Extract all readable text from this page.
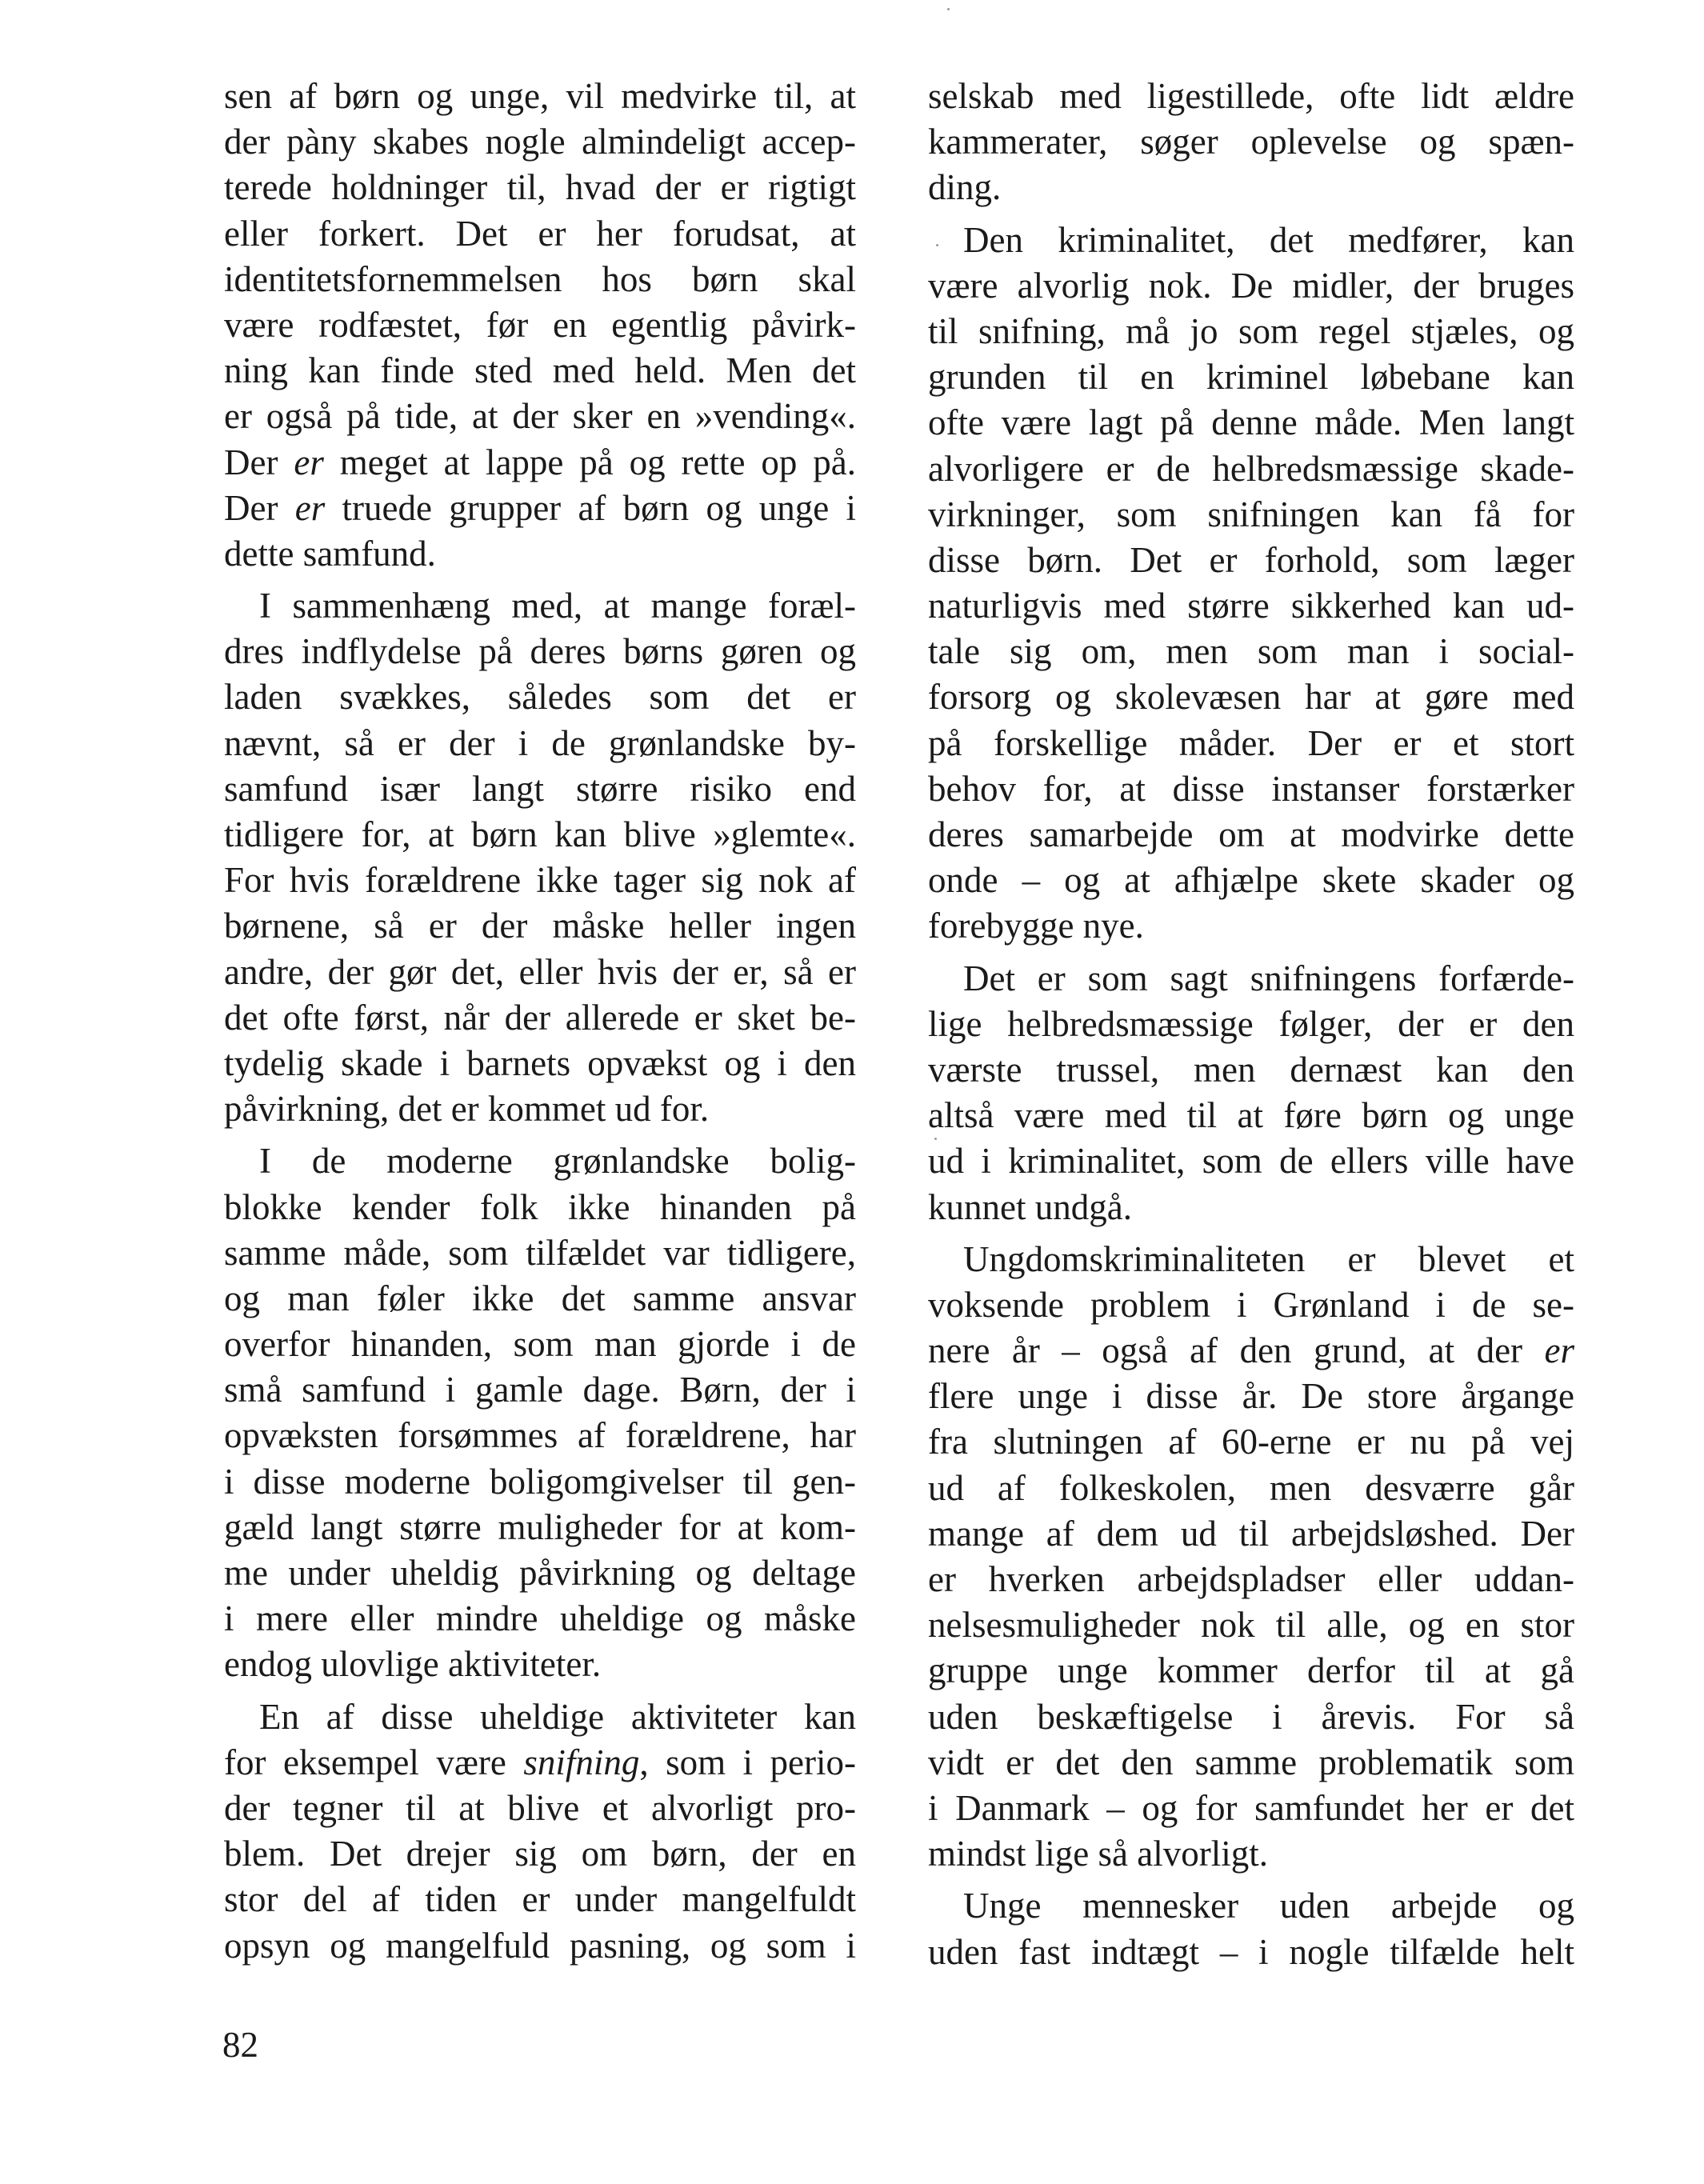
sen af børn og unge, vil medvirke til, at
der pàny skabes nogle almindeligt accep-
terede holdninger til, hvad der er rigtigt
eller forkert. Det er her forudsat, at
identitetsfornemmelsen hos børn skal
være rodfæstet, før en egentlig påvirk-
ning kan finde sted med held. Men det
er også på tide, at der sker en »vending«.
Der er meget at lappe på og rette op på.
Der er truede grupper af børn og unge i
dette samfund.

I sammenhæng med, at mange foræl-
dres indflydelse på deres børns gøren og
laden svækkes, således som det er
nævnt, så er der i de grønlandske by-
samfund især langt større risiko end
tidligere for, at børn kan blive »glemte«.
For hvis forældrene ikke tager sig nok af
børnene, så er der måske heller ingen
andre, der gør det, eller hvis der er, så er
det ofte først, når der allerede er sket be-
tydelig skade i barnets opvækst og i den
påvirkning, det er kommet ud for.

I de moderne grønlandske bolig-
blokke kender folk ikke hinanden på
samme måde, som tilfældet var tidligere,
og man føler ikke det samme ansvar
overfor hinanden, som man gjorde i de
små samfund i gamle dage. Børn, der i
opvæksten forsømmes af forældrene, har
i disse moderne boligomgivelser til gen-
gæld langt større muligheder for at kom-
me under uheldig påvirkning og deltage
i mere eller mindre uheldige og måske
endog ulovlige aktiviteter.

En af disse uheldige aktiviteter kan
for eksempel være snifning, som i perio-
der tegner til at blive et alvorligt pro-
blem. Det drejer sig om børn, der en
stor del af tiden er under mangelfuldt
opsyn og mangelfuld pasning, og som i

selskab med ligestillede, ofte lidt ældre
kammerater, søger oplevelse og spæn-
ding.

Den kriminalitet, det medfører, kan
være alvorlig nok. De midler, der bruges
til snifning, må jo som regel stjæles, og
grunden til en kriminel løbebane kan
ofte være lagt på denne måde. Men langt
alvorligere er de helbredsmæssige skade-
virkninger, som snifningen kan få for
disse børn. Det er forhold, som læger
naturligvis med større sikkerhed kan ud-
tale sig om, men som man i social-
forsorg og skolevæsen har at gøre med
på forskellige måder. Der er et stort
behov for, at disse instanser forstærker
deres samarbejde om at modvirke dette
onde – og at afhjælpe skete skader og
forebygge nye.

Det er som sagt snifningens forfærde-
lige helbredsmæssige følger, der er den
værste trussel, men dernæst kan den
altså være med til at føre børn og unge
ud i kriminalitet, som de ellers ville have
kunnet undgå.

Ungdomskriminaliteten er blevet et
voksende problem i Grønland i de se-
nere år – også af den grund, at der er
flere unge i disse år. De store årgange
fra slutningen af 60-erne er nu på vej
ud af folkeskolen, men desværre går
mange af dem ud til arbejdsløshed. Der
er hverken arbejdspladser eller uddan-
nelsesmuligheder nok til alle, og en stor
gruppe unge kommer derfor til at gå
uden beskæftigelse i årevis. For så
vidt er det den samme problematik som
i Danmark – og for samfundet her er det
mindst lige så alvorligt.

Unge mennesker uden arbejde og
uden fast indtægt – i nogle tilfælde helt

82
